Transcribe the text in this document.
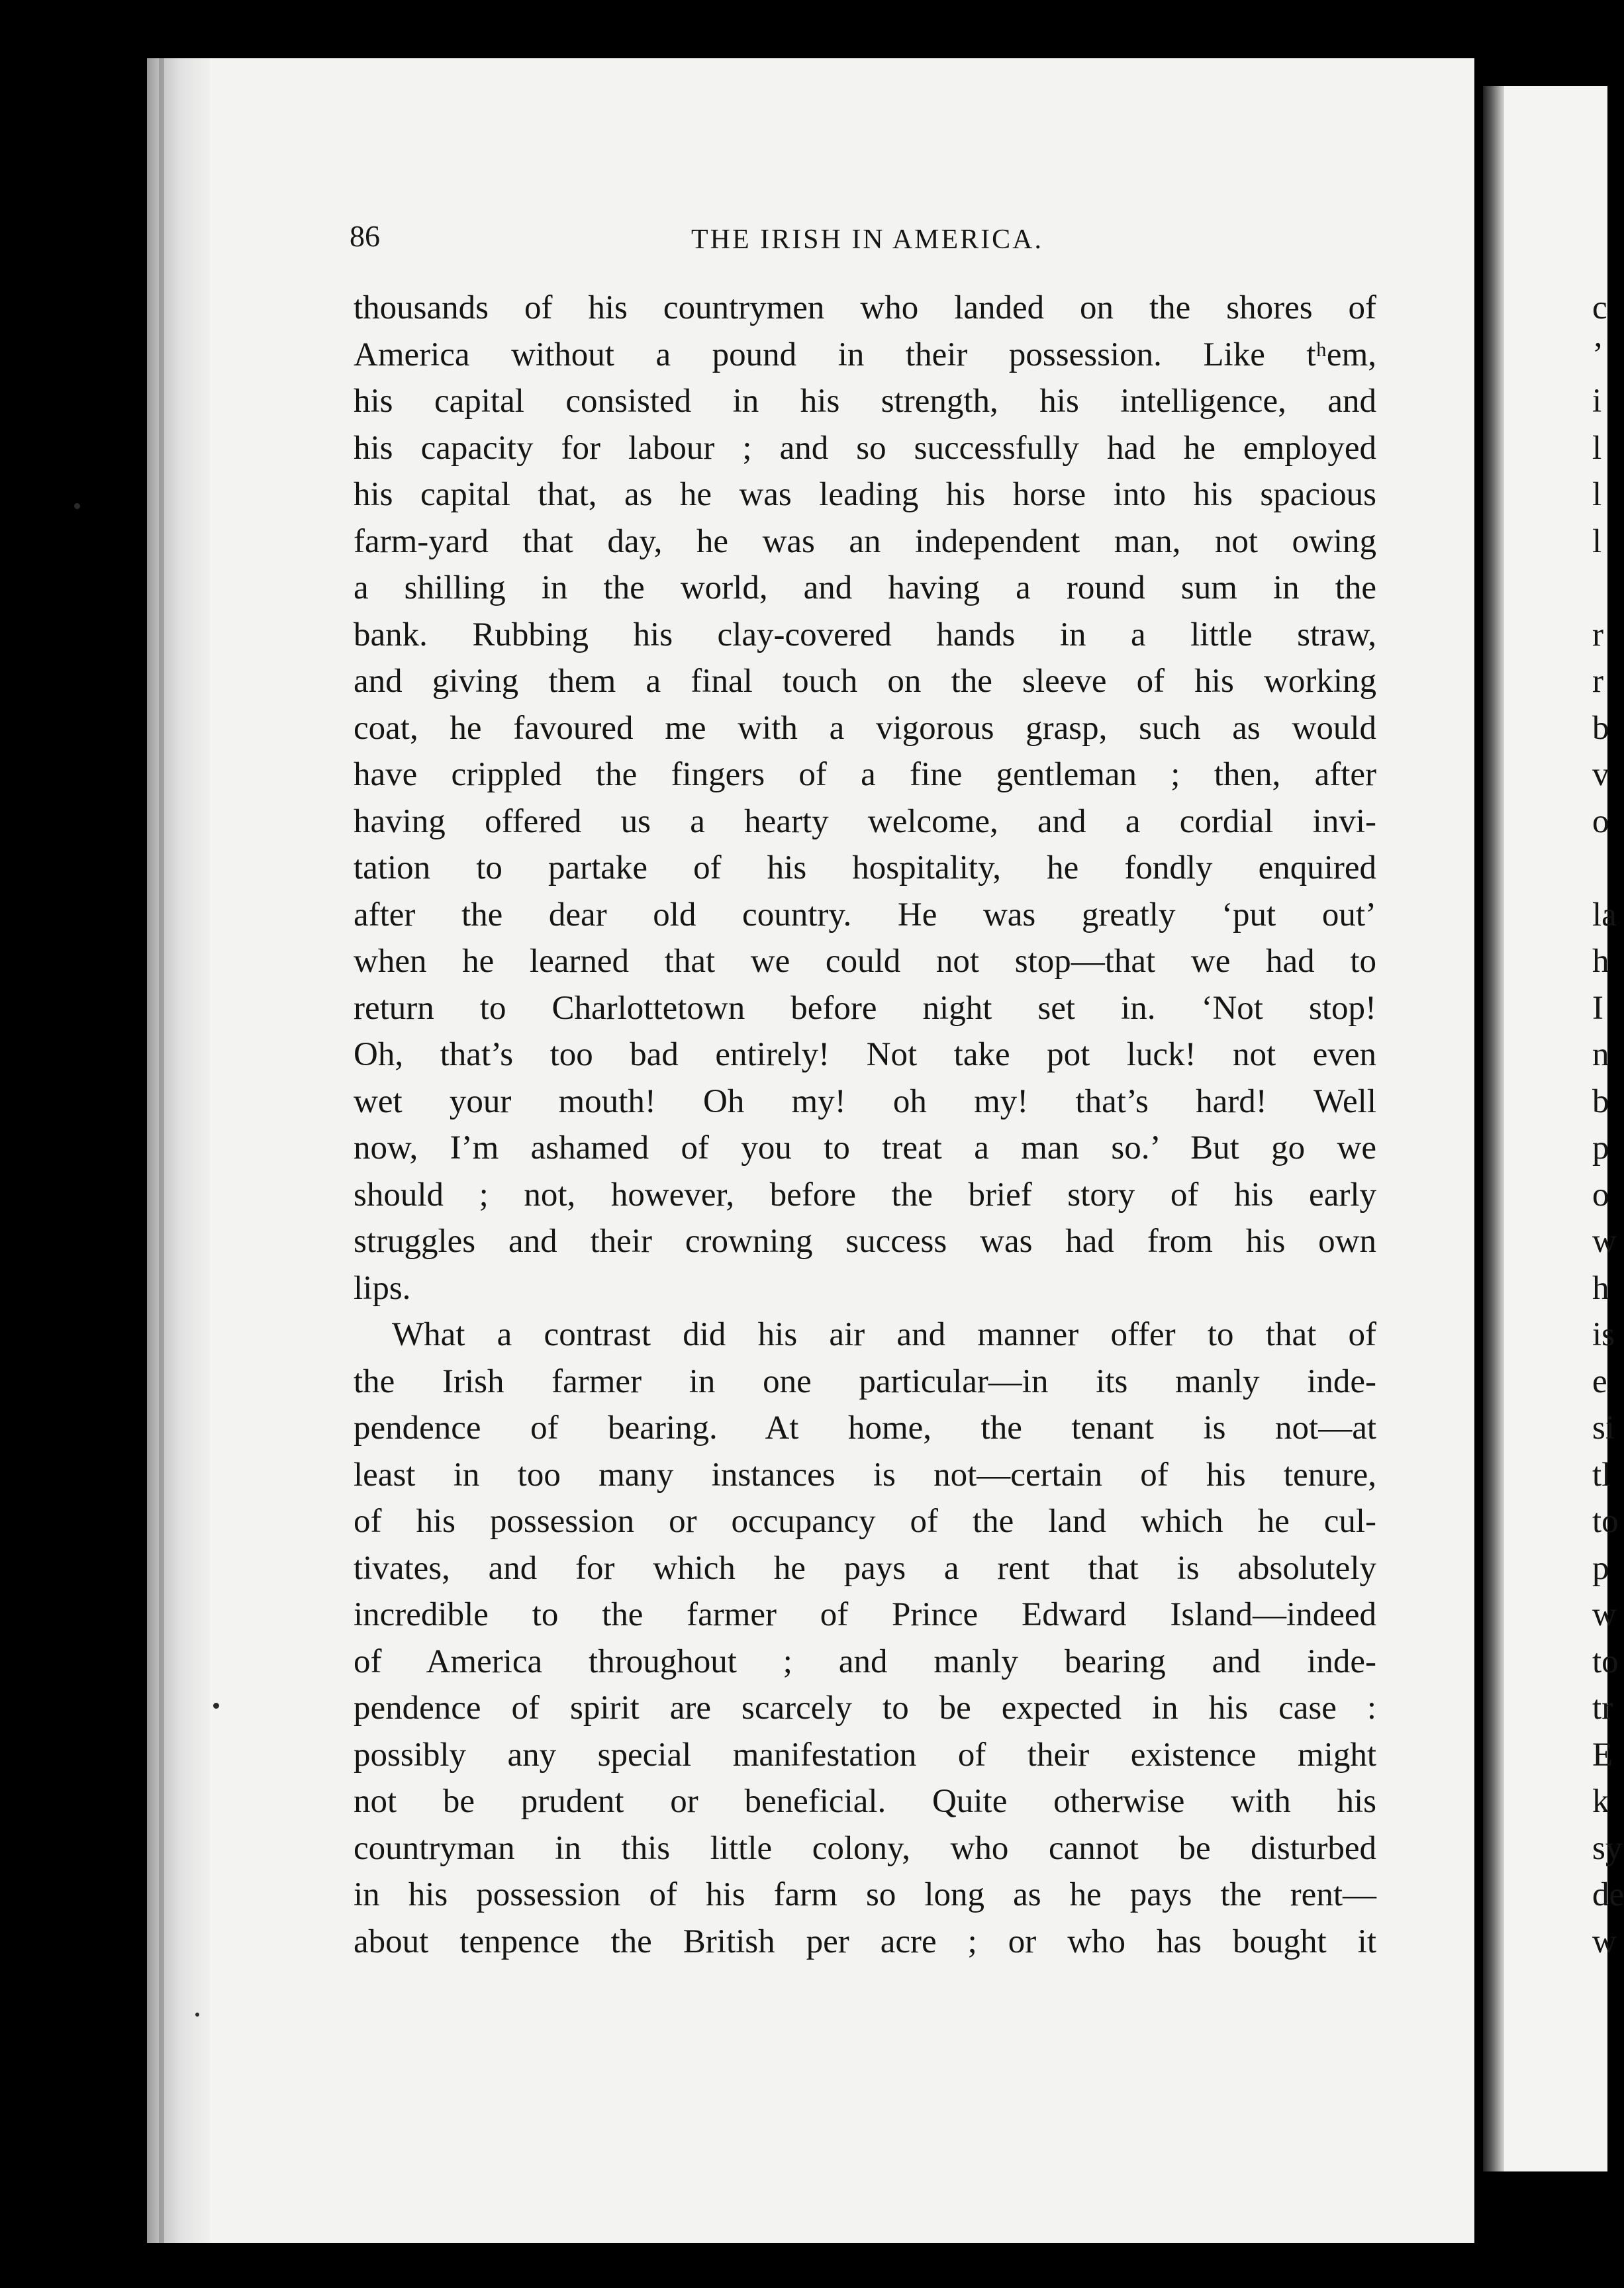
86	THE IRISH IN AMERICA.
thousands of his countrymen who landed on the shores of
America without a pound in their possession. Like tʰem,
his capital consisted in his strength, his intelligence, and
his capacity for labour ; and so successfully had he employed
his capital that, as he was leading his horse into his spacious
farm-yard that day, he was an independent man, not owing
a shilling in the world, and having a round sum in the
bank. Rubbing his clay-covered hands in a little straw,
and giving them a final touch on the sleeve of his working
coat, he favoured me with a vigorous grasp, such as would
have crippled the fingers of a fine gentleman ; then, after
having offered us a hearty welcome, and a cordial invi-
tation to partake of his hospitality, he fondly enquired
after the dear old country. He was greatly ‘put out’
when he learned that we could not stop—that we had to
return to Charlottetown before night set in. ‘Not stop!
Oh, that’s too bad entirely! Not take pot luck! not even
wet your mouth! Oh my! oh my! that’s hard! Well
now, I’m ashamed of you to treat a man so.’ But go we
should ; not, however, before the brief story of his early
struggles and their crowning success was had from his own
lips.
What a contrast did his air and manner offer to that of
the Irish farmer in one particular—in its manly inde-
pendence of bearing. At home, the tenant is not—at
least in too many instances is not—certain of his tenure,
of his possession or occupancy of the land which he cul-
tivates, and for which he pays a rent that is absolutely
incredible to the farmer of Prince Edward Island—indeed
of America throughout ; and manly bearing and inde-
pendence of spirit are scarcely to be expected in his case :
possibly any special manifestation of their existence might
not be prudent or beneficial. Quite otherwise with his
countryman in this little colony, who cannot be disturbed
in his possession of his farm so long as he pays the rent—
about tenpence the British per acre ; or who has bought it
c
’
i
l
l
l
r
r
b
v
o
la
h
I
n
b
p
o
w
h
is
e
si
tl
to
p
w
to
tr
E
k
sy
de
w
